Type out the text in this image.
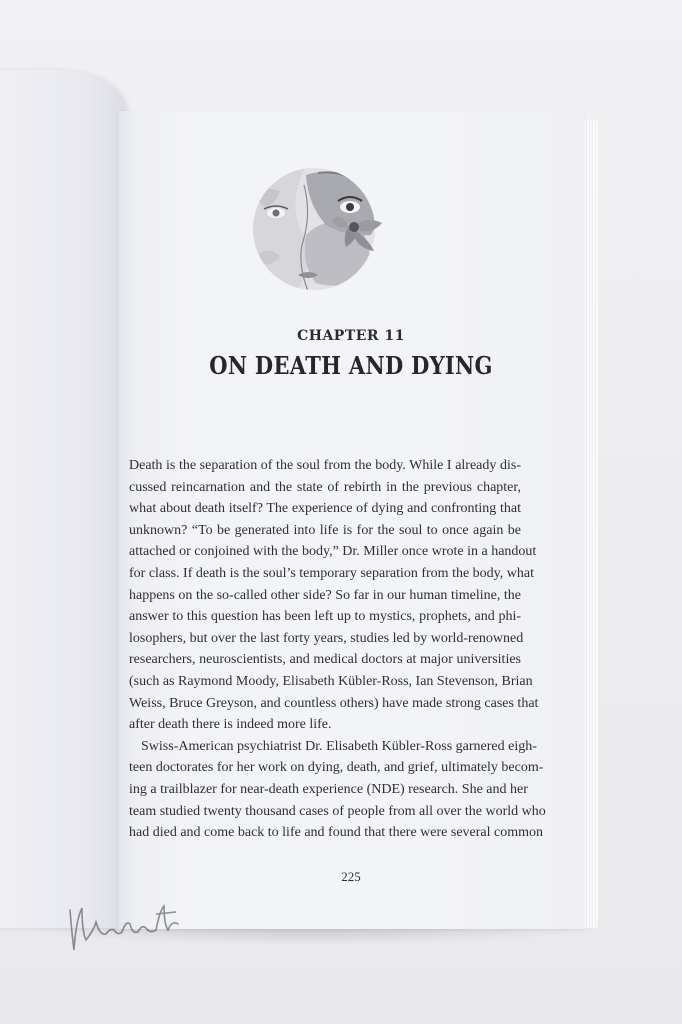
CHAPTER 11
ON DEATH AND DYING
Death is the separation of the soul from the body. While I already dis-
cussed reincarnation and the state of rebirth in the previous chapter,
what about death itself? The experience of dying and confronting that
unknown? “To be generated into life is for the soul to once again be
attached or conjoined with the body,” Dr. Miller once wrote in a handout
for class. If death is the soul’s temporary separation from the body, what
happens on the so-called other side? So far in our human timeline, the
answer to this question has been left up to mystics, prophets, and phi-
losophers, but over the last forty years, studies led by world-renowned
researchers, neuroscientists, and medical doctors at major universities
(such as Raymond Moody, Elisabeth Kübler-Ross, Ian Stevenson, Brian
Weiss, Bruce Greyson, and countless others) have made strong cases that
after death there is indeed more life.
Swiss-American psychiatrist Dr. Elisabeth Kübler-Ross garnered eigh-
teen doctorates for her work on dying, death, and grief, ultimately becom-
ing a trailblazer for near-death experience (NDE) research. She and her
team studied twenty thousand cases of people from all over the world who
had died and come back to life and found that there were several common
225
